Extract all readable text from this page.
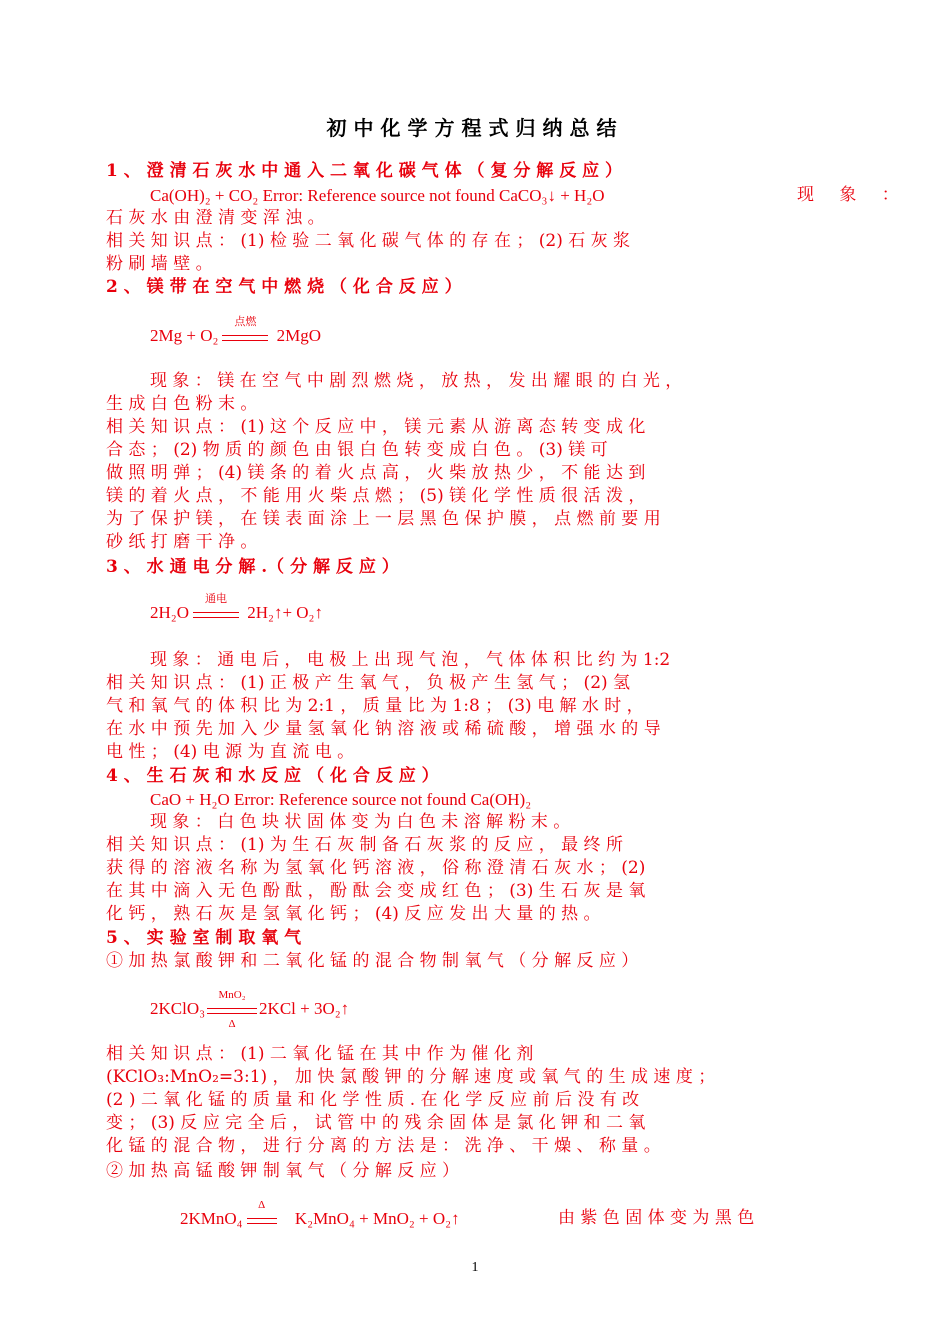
初中化学方程式归纳总结
1 、 澄 清 石 灰 水 中 通 入 二 氧 化 碳 气 体 （ 复 分 解 反 应 ）
Ca(OH)₂ + CO₂ Error: Reference source not found CaCO₃↓ + H₂O	现 象 ：
石 灰 水 由 澄 清 变 浑 浊 。
相 关 知 识 点 ： (1) 检 验 二 氧 化 碳 气 体 的 存 在 ； (2) 石 灰 浆
粉 刷 墙 壁 。
2 、 镁 带 在 空 气 中 燃 烧 （ 化 合 反 应 ）
2Mg + O₂
点燃
2MgO
现 象 ： 镁 在 空 气 中 剧 烈 燃 烧 ， 放 热 ， 发 出 耀 眼 的 白 光 ，
生 成 白 色 粉 末 。
相 关 知 识 点 ： (1) 这 个 反 应 中 ， 镁 元 素 从 游 离 态 转 变 成 化
合 态 ； (2) 物 质 的 颜 色 由 银 白 色 转 变 成 白 色 。 (3) 镁 可
做 照 明 弹 ； (4) 镁 条 的 着 火 点 高 ， 火 柴 放 热 少 ， 不 能 达 到
镁 的 着 火 点 ， 不 能 用 火 柴 点 燃 ； (5) 镁 化 学 性 质 很 活 泼 ，
为 了 保 护 镁 ， 在 镁 表 面 涂 上 一 层 黑 色 保 护 膜 ， 点 燃 前 要 用
砂 纸 打 磨 干 净 。
3 、 水 通 电 分 解 .（ 分 解 反 应 ）
2H₂O
通电
2H₂↑+ O₂↑
现 象 ： 通 电 后 ， 电 极 上 出 现 气 泡 ， 气 体 体 积 比 约 为 1:2
相 关 知 识 点 ： (1) 正 极 产 生 氧 气 ， 负 极 产 生 氢 气 ； (2) 氢
气 和 氧 气 的 体 积 比 为 2:1 ， 质 量 比 为 1:8 ； (3) 电 解 水 时 ，
在 水 中 预 先 加 入 少 量 氢 氧 化 钠 溶 液 或 稀 硫 酸 ， 增 强 水 的 导
电 性 ； (4) 电 源 为 直 流 电 。
4 、 生 石 灰 和 水 反 应 （ 化 合 反 应 ）
CaO + H₂O Error: Reference source not found Ca(OH)₂
现 象 ： 白 色 块 状 固 体 变 为 白 色 未 溶 解 粉 末 。
相 关 知 识 点 ： (1) 为 生 石 灰 制 备 石 灰 浆 的 反 应 ， 最 终 所
获 得 的 溶 液 名 称 为 氢 氧 化 钙 溶 液 ， 俗 称 澄 清 石 灰 水 ； (2)
在 其 中 滴 入 无 色 酚 酞 ， 酚 酞 会 变 成 红 色 ； (3) 生 石 灰 是 氧
化 钙 ， 熟 石 灰 是 氢 氧 化 钙 ； (4) 反 应 发 出 大 量 的 热 。
5 、 实 验 室 制 取 氧 气
① 加 热 氯 酸 钾 和 二 氧 化 锰 的 混 合 物 制 氧 气 （ 分 解 反 应 ）
2KClO₃
MnO₂
Δ
2KCl + 3O₂↑
相 关 知 识 点 ： (1) 二 氧 化 锰 在 其 中 作 为 催 化 剂
(KClO₃:MnO₂=3:1) ， 加 快 氯 酸 钾 的 分 解 速 度 或 氧 气 的 生 成 速 度 ；
(2 ) 二 氧 化 锰 的 质 量 和 化 学 性 质 . 在 化 学 反 应 前 后 没 有 改
变 ； (3) 反 应 完 全 后 ， 试 管 中 的 残 余 固 体 是 氯 化 钾 和 二 氧
化 锰 的 混 合 物 ， 进 行 分 离 的 方 法 是 ： 洗 净 、 干 燥 、 称 量 。
② 加 热 高 锰 酸 钾 制 氧 气 （ 分 解 反 应 ）
2KMnO₄
Δ
K₂MnO₄ + MnO₂ + O₂↑	由 紫 色 固 体 变 为 黑 色
1
